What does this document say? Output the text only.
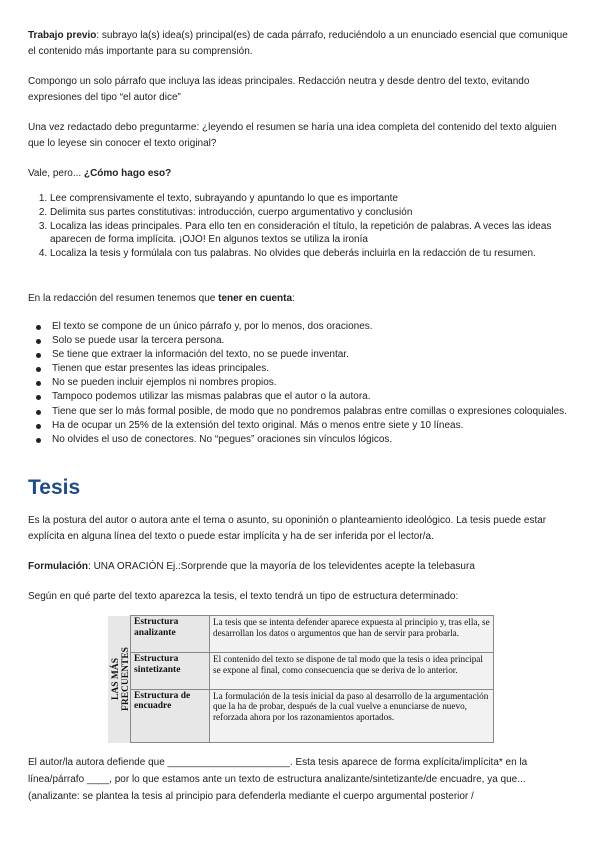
Trabajo previo: subrayo la(s) idea(s) principal(es) de cada párrafo, reduciéndolo a un enunciado esencial que comunique el contenido más importante para su comprensión.

Compongo un solo párrafo que incluya las ideas principales. Redacción neutra y desde dentro del texto, evitando expresiones del tipo “el autor dice”

Una vez redactado debo preguntarme: ¿leyendo el resumen se haría una idea completa del contenido del texto alguien que lo leyese sin conocer el texto original?

Vale, pero... ¿Cómo hago eso?

1. Lee comprensivamente el texto, subrayando y apuntando lo que es importante
2. Delimita sus partes constitutivas: introducción, cuerpo argumentativo y conclusión
3. Localiza las ideas principales. Para ello ten en consideración el título, la repetición de palabras. A veces las ideas aparecen de forma implícita. ¡OJO! En algunos textos se utiliza la ironía
4. Localiza la tesis y formúlala con tus palabras. No olvides que deberás incluirla en la redacción de tu resumen.

En la redacción del resumen tenemos que tener en cuenta:

El texto se compone de un único párrafo y, por lo menos, dos oraciones.
Solo se puede usar la tercera persona.
Se tiene que extraer la información del texto, no se puede inventar.
Tienen que estar presentes las ideas principales.
No se pueden incluir ejemplos ni nombres propios.
Tampoco podemos utilizar las mismas palabras que el autor o la autora.
Tiene que ser lo más formal posible, de modo que no pondremos palabras entre comillas o expresiones coloquiales.
Ha de ocupar un 25% de la extensión del texto original. Más o menos entre siete y 10 líneas.
No olvides el uso de conectores. No “pegues” oraciones sin vínculos lógicos.
Tesis

Es la postura del autor o autora ante el tema o asunto, su oponinión o planteamiento ideológico. La tesis puede estar explícita en alguna línea del texto o puede estar implícita y ha de ser inferida por el lector/a.

Formulación: UNA ORACIÓN Ej.:Sorprende que la mayoría de los televidentes acepte la telebasura

Según en qué parte del texto aparezca la tesis, el texto tendrá un tipo de estructura determinado:

LAS MÁS
FRECUENTES	Estructura analizante	La tesis que se intenta defender aparece expuesta al principio y, tras ella, se desarrollan los datos o argumentos que han de servir para probarla.
	Estructura sintetizante	El contenido del texto se dispone de tal modo que la tesis o idea principal se expone al final, como consecuencia que se deriva de lo anterior.
	Estructura de encuadre	La formulación de la tesis inicial da paso al desarrollo de la argumentación que la ha de probar, después de la cual vuelve a enunciarse de nuevo, reforzada ahora por los razonamientos aportados.

El autor/la autora defiende que ______________________. Esta tesis aparece de forma explícita/implícita* en la línea/párrafo ____, por lo que estamos ante un texto de estructura analizante/sintetizante/de encuadre, ya que... (analizante: se plantea la tesis al principio para defenderla mediante el cuerpo argumental posterior /
